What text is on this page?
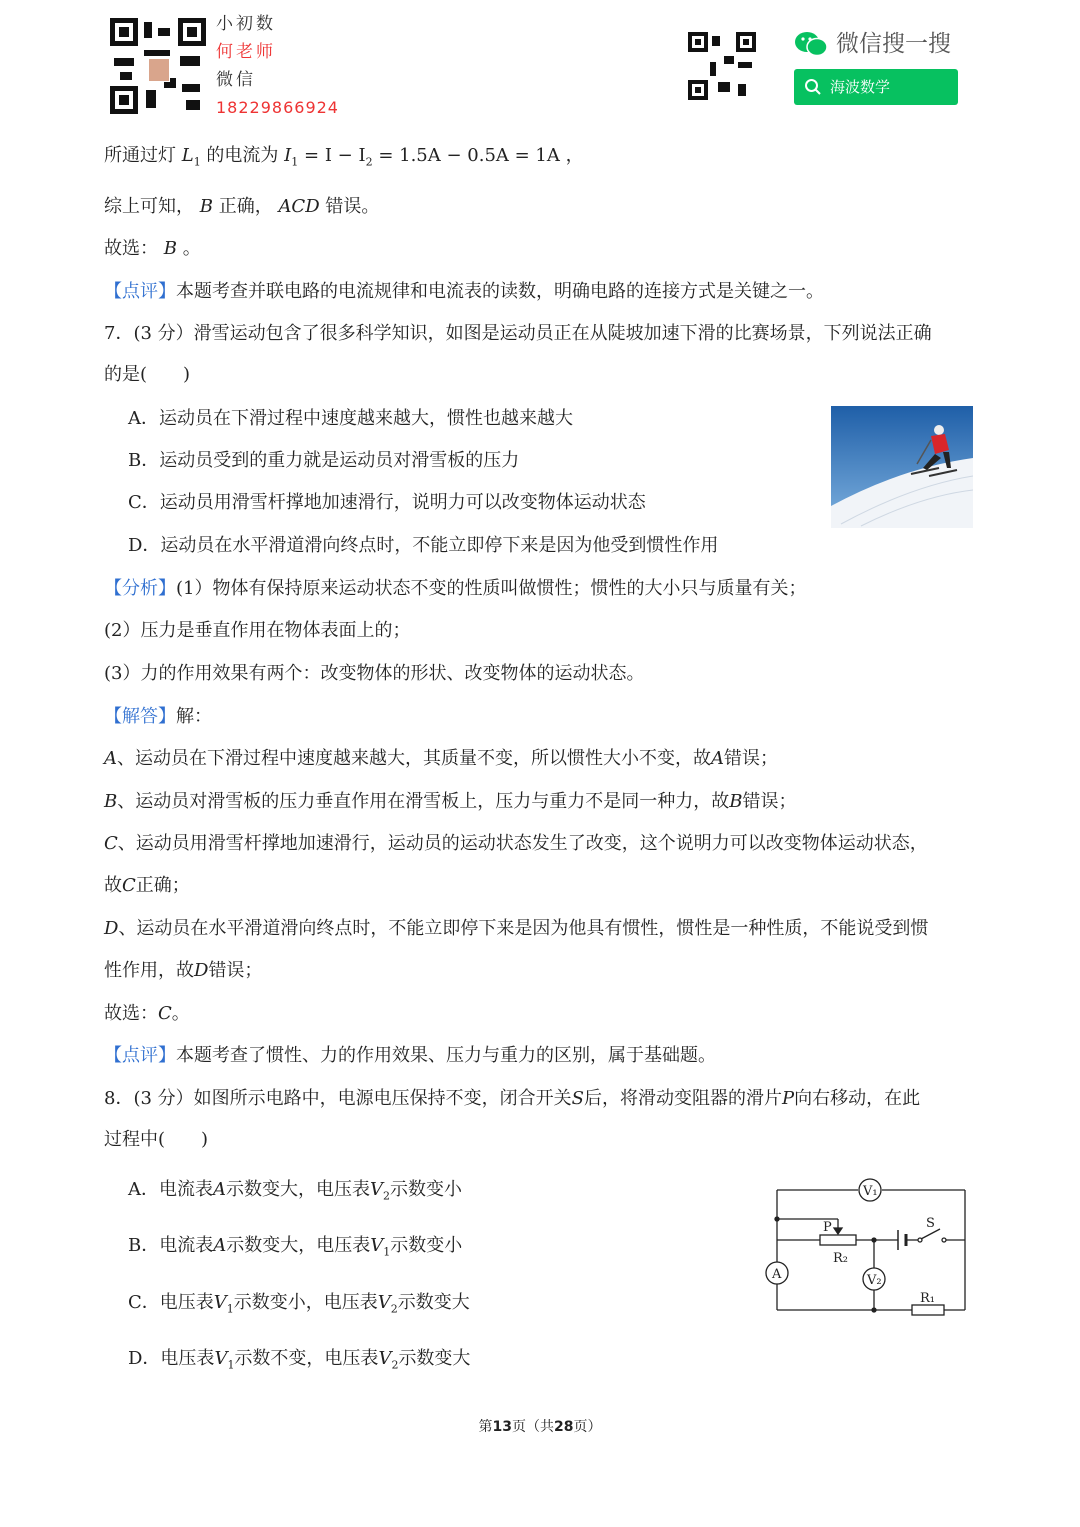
小初数
何老师
微信
18229866924
微信搜一搜
海波数学
所通过灯 $L_1$ 的电流为 $I_1 = I - I_2 = 1.5A - 0.5A = 1A$ ，
综上可知， B 正确， ACD 错误。
故选： B 。
【点评】本题考查并联电路的电流规律和电流表的读数，明确电路的连接方式是关键之一。
7．(3 分）滑雪运动包含了很多科学知识，如图是运动员正在从陡坡加速下滑的比赛场景，下列说法正确
的是(　　)
A．运动员在下滑过程中速度越来越大，惯性也越来越大
B．运动员受到的重力就是运动员对滑雪板的压力
C．运动员用滑雪杆撑地加速滑行，说明力可以改变物体运动状态
D．运动员在水平滑道滑向终点时，不能立即停下来是因为他受到惯性作用
【分析】(1）物体有保持原来运动状态不变的性质叫做惯性；惯性的大小只与质量有关；
(2）压力是垂直作用在物体表面上的；
(3）力的作用效果有两个：改变物体的形状、改变物体的运动状态。
【解答】解：
A、运动员在下滑过程中速度越来越大，其质量不变，所以惯性大小不变，故A错误；
B、运动员对滑雪板的压力垂直作用在滑雪板上，压力与重力不是同一种力，故B错误；
C、运动员用滑雪杆撑地加速滑行，运动员的运动状态发生了改变，这个说明力可以改变物体运动状态，
故C正确；
D、运动员在水平滑道滑向终点时，不能立即停下来是因为他具有惯性，惯性是一种性质，不能说受到惯
性作用，故D错误；
故选：C。
【点评】本题考查了惯性、力的作用效果、压力与重力的区别，属于基础题。
8．(3 分）如图所示电路中，电源电压保持不变，闭合开关S后，将滑动变阻器的滑片P向右移动，在此
过程中(　　)
A．电流表A示数变大，电压表$V_2$示数变小
B．电流表A示数变大，电压表$V_1$示数变小
C．电压表$V_1$示数变小，电压表$V_2$示数变大
D．电压表$V_1$示数不变，电压表$V_2$示数变大
V₁
A
R₁
P
R₂
S
V₂
第13页（共28页）
